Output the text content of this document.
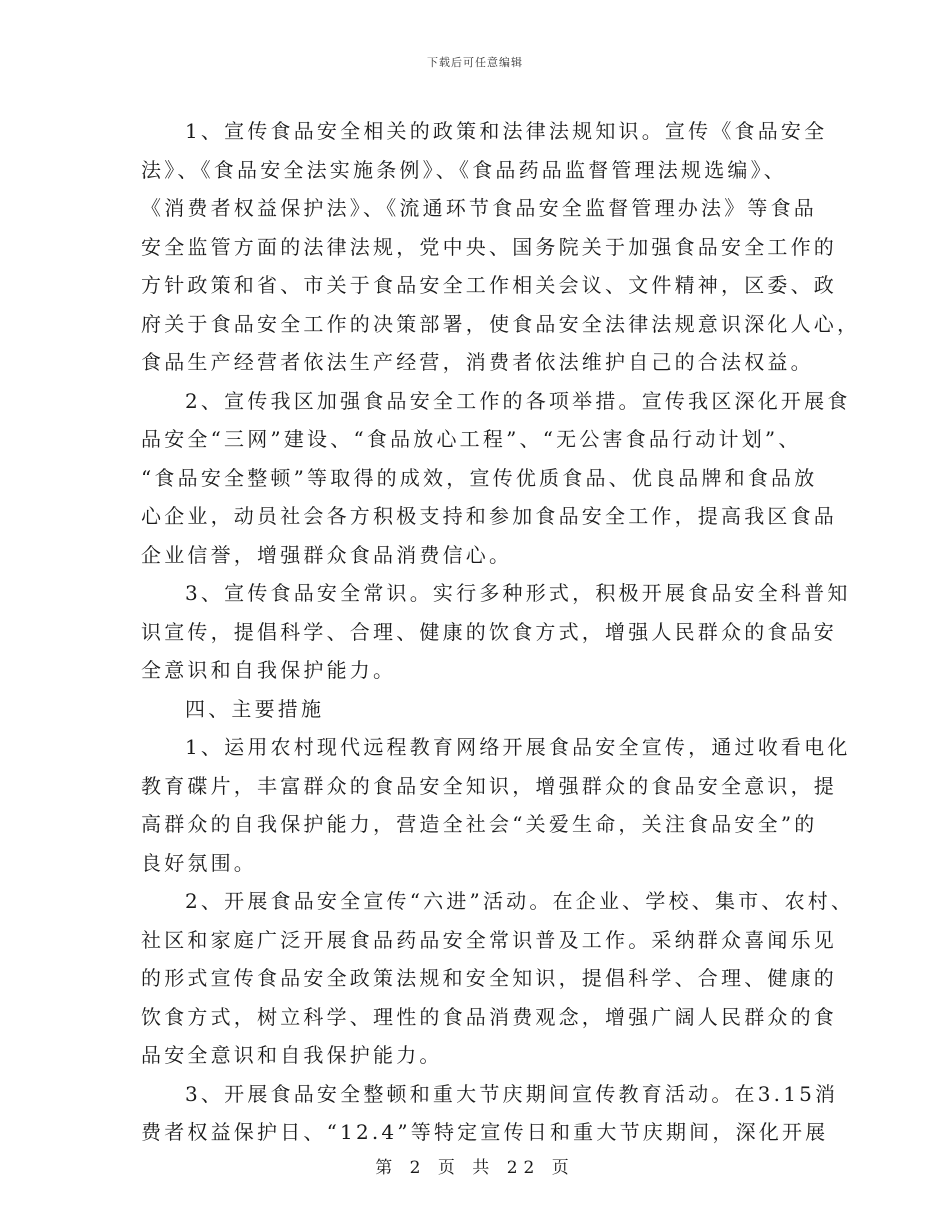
下载后可任意编辑
1、宣传食品安全相关的政策和法律法规知识。宣传《食品安全
法》、《食品安全法实施条例》、《食品药品监督管理法规选编》、
《消费者权益保护法》、《流通环节食品安全监督管理办法》等食品
安全监管方面的法律法规，党中央、国务院关于加强食品安全工作的
方针政策和省、市关于食品安全工作相关会议、文件精神，区委、政
府关于食品安全工作的决策部署，使食品安全法律法规意识深化人心，
食品生产经营者依法生产经营，消费者依法维护自己的合法权益。
2、宣传我区加强食品安全工作的各项举措。宣传我区深化开展食
品安全“三网”建设、“食品放心工程”、“无公害食品行动计划”、
“食品安全整顿”等取得的成效，宣传优质食品、优良品牌和食品放
心企业，动员社会各方积极支持和参加食品安全工作，提高我区食品
企业信誉，增强群众食品消费信心。
3、宣传食品安全常识。实行多种形式，积极开展食品安全科普知
识宣传，提倡科学、合理、健康的饮食方式，增强人民群众的食品安
全意识和自我保护能力。
四、主要措施
1、运用农村现代远程教育网络开展食品安全宣传，通过收看电化
教育碟片，丰富群众的食品安全知识，增强群众的食品安全意识，提
高群众的自我保护能力，营造全社会“关爱生命，关注食品安全”的
良好氛围。
2、开展食品安全宣传“六进”活动。在企业、学校、集市、农村、
社区和家庭广泛开展食品药品安全常识普及工作。采纳群众喜闻乐见
的形式宣传食品安全政策法规和安全知识，提倡科学、合理、健康的
饮食方式，树立科学、理性的食品消费观念，增强广阔人民群众的食
品安全意识和自我保护能力。
3、开展食品安全整顿和重大节庆期间宣传教育活动。在3.15消
费者权益保护日、“12.4”等特定宣传日和重大节庆期间，深化开展
第 2 页 共 22 页
